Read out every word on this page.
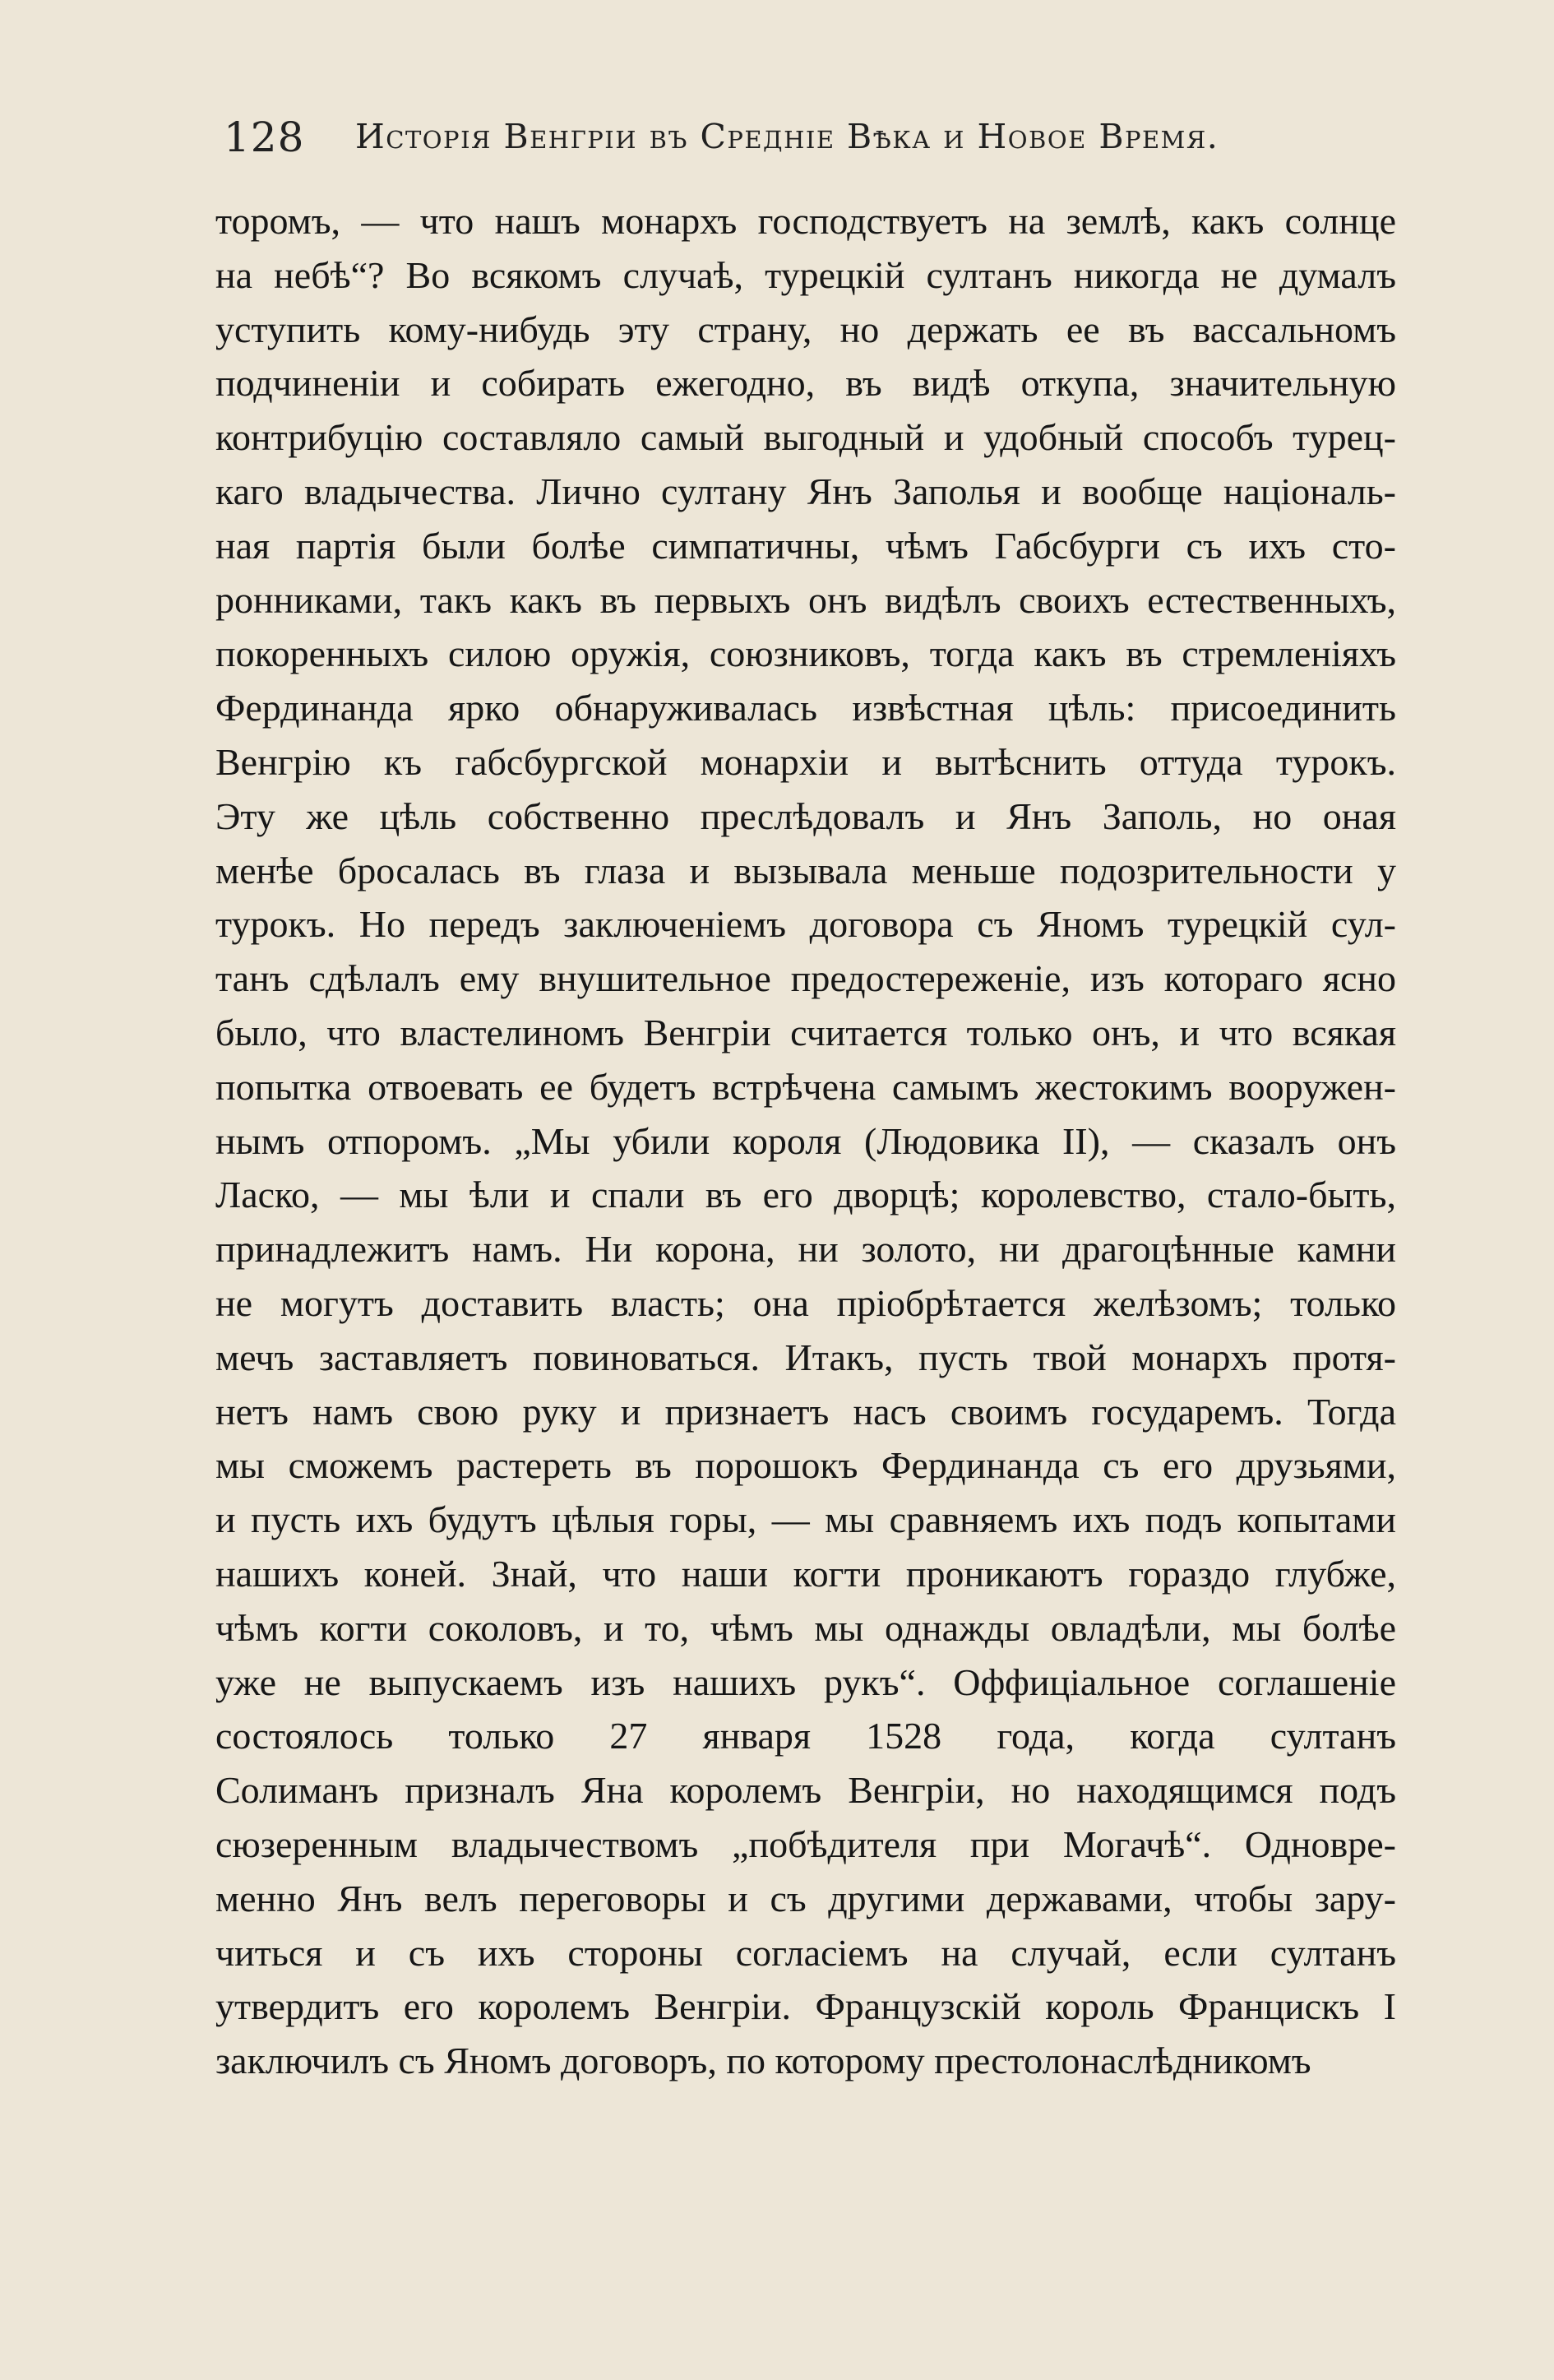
128 Исторія Венгріи въ Средніе Вѣка и Новое Время.
торомъ, — что нашъ монархъ господствуетъ на землѣ, какъ солнце
на небѣ“? Во всякомъ случаѣ, турецкій султанъ никогда не думалъ
уступить кому-нибудь эту страну, но держать ее въ вассальномъ
подчиненіи и собирать ежегодно, въ видѣ откупа, значительную
контрибуцію составляло самый выгодный и удобный способъ турец-
каго владычества. Лично султану Янъ Заполья и вообще національ-
ная партія были болѣе симпатичны, чѣмъ Габсбурги съ ихъ сто-
ронниками, такъ какъ въ первыхъ онъ видѣлъ своихъ естественныхъ,
покоренныхъ силою оружія, союзниковъ, тогда какъ въ стремленіяхъ
Фердинанда ярко обнаруживалась извѣстная цѣль: присоединить
Венгрію къ габсбургской монархіи и вытѣснить оттуда турокъ.
Эту же цѣль собственно преслѣдовалъ и Янъ Заполь, но оная
менѣе бросалась въ глаза и вызывала меньше подозрительности у
турокъ. Но передъ заключеніемъ договора съ Яномъ турецкій сул-
танъ сдѣлалъ ему внушительное предостереженіе, изъ котораго ясно
было, что властелиномъ Венгріи считается только онъ, и что всякая
попытка отвоевать ее будетъ встрѣчена самымъ жестокимъ вооружен-
нымъ отпоромъ. „Мы убили короля (Людовика II), — сказалъ онъ
Ласко, — мы ѣли и спали въ его дворцѣ; королевство, стало-быть,
принадлежитъ намъ. Ни корона, ни золото, ни драгоцѣнные камни
не могутъ доставить власть; она пріобрѣтается желѣзомъ; только
мечъ заставляетъ повиноваться. Итакъ, пусть твой монархъ протя-
нетъ намъ свою руку и признаетъ насъ своимъ государемъ. Тогда
мы сможемъ растереть въ порошокъ Фердинанда съ его друзьями,
и пусть ихъ будутъ цѣлыя горы, — мы сравняемъ ихъ подъ копытами
нашихъ коней. Знай, что наши когти проникаютъ гораздо глубже,
чѣмъ когти соколовъ, и то, чѣмъ мы однажды овладѣли, мы болѣе
уже не выпускаемъ изъ нашихъ рукъ“. Оффиціальное соглашеніе
состоялось только 27 января 1528 года, когда султанъ
Солиманъ призналъ Яна королемъ Венгріи, но находящимся подъ
сюзеренным владычествомъ „побѣдителя при Могачѣ“. Одновре-
менно Янъ велъ переговоры и съ другими державами, чтобы зару-
читься и съ ихъ стороны согласіемъ на случай, если султанъ
утвердитъ его королемъ Венгріи. Французскій король Францискъ I
заключилъ съ Яномъ договоръ, по которому престолонаслѣдникомъ
